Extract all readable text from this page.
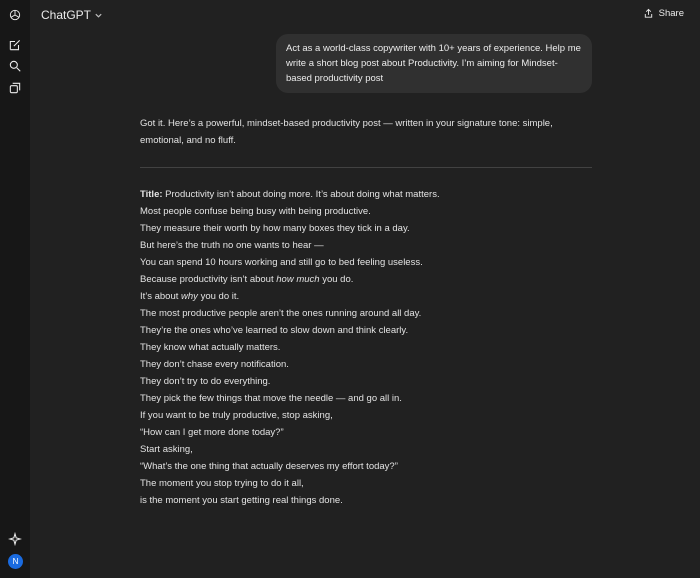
N
ChatGPT	Share
Act as a world-class copywriter with 10+ years of experience. Help me write a short blog post about Productivity. I’m aiming for Mindset-based productivity post

Got it. Here’s a powerful, mindset-based productivity post — written in your signature tone: simple, emotional, and no fluff.

Title: Productivity isn’t about doing more. It’s about doing what matters.

Most people confuse being busy with being productive.
They measure their worth by how many boxes they tick in a day.

But here’s the truth no one wants to hear —
You can spend 10 hours working and still go to bed feeling useless.

Because productivity isn’t about how much you do.
It’s about why you do it.

The most productive people aren’t the ones running around all day.
They’re the ones who’ve learned to slow down and think clearly.

They know what actually matters.
They don’t chase every notification.
They don’t try to do everything.

They pick the few things that move the needle — and go all in.

If you want to be truly productive, stop asking,
“How can I get more done today?”
Start asking,
“What’s the one thing that actually deserves my effort today?”

The moment you stop trying to do it all,
is the moment you start getting real things done.
